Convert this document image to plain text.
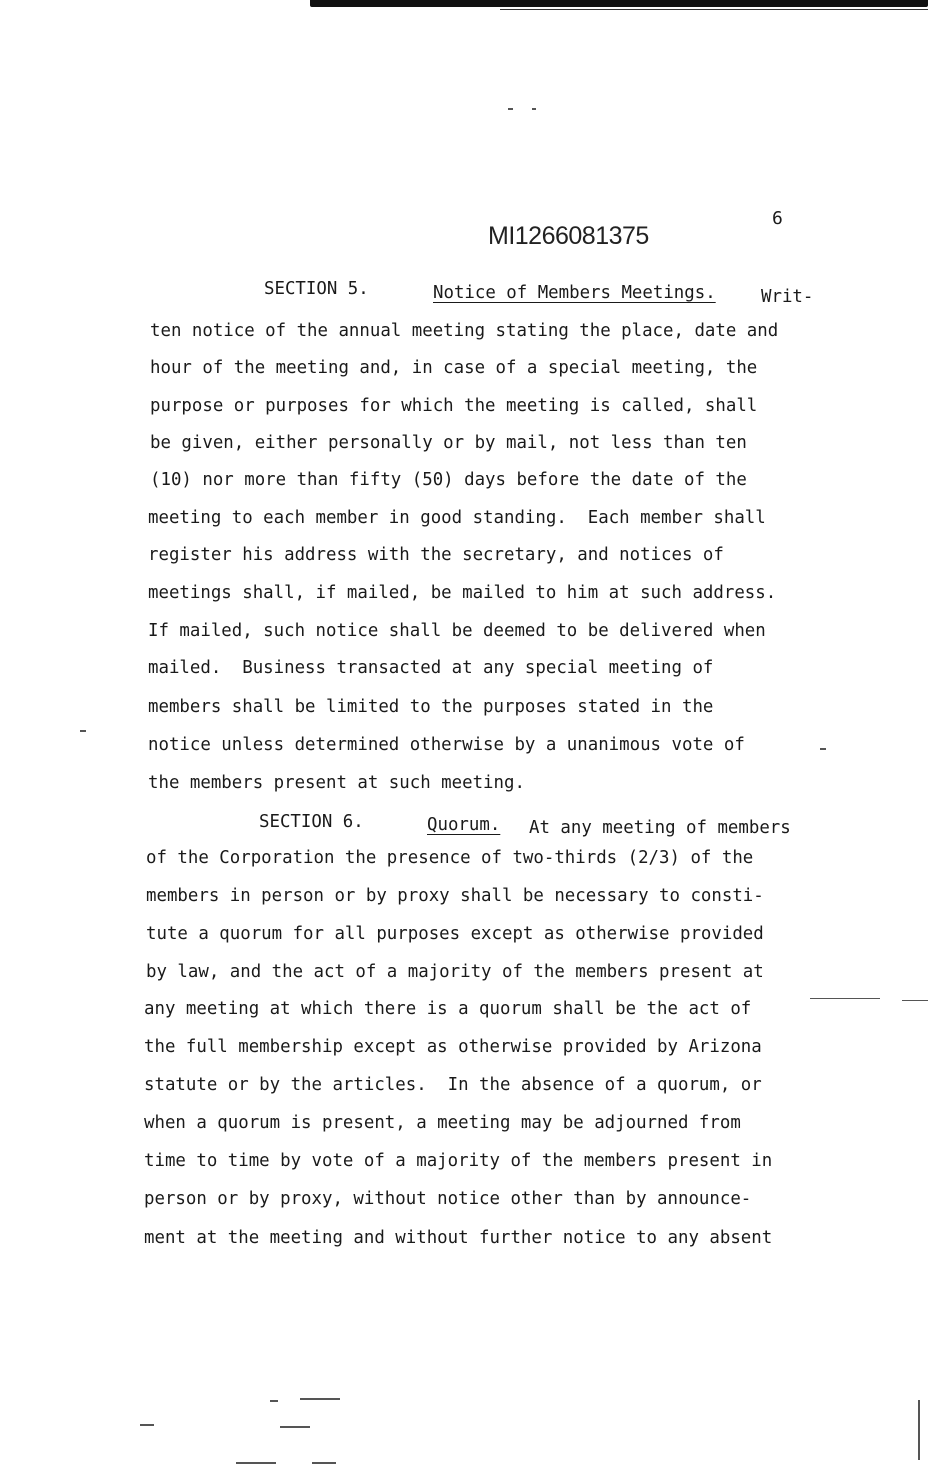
6
MI1266081375
SECTION 5.	Notice of Members Meetings.	Writ-
ten notice of the annual meeting stating the place, date and
hour of the meeting and, in case of a special meeting, the
purpose or purposes for which the meeting is called, shall
be given, either personally or by mail, not less than ten
(10) nor more than fifty (50) days before the date of the
meeting to each member in good standing.  Each member shall
register his address with the secretary, and notices of
meetings shall, if mailed, be mailed to him at such address.
If mailed, such notice shall be deemed to be delivered when
mailed.  Business transacted at any special meeting of
members shall be limited to the purposes stated in the
notice unless determined otherwise by a unanimous vote of
the members present at such meeting.
SECTION 6.	Quorum. At any meeting of members
of the Corporation the presence of two-thirds (2/3) of the
members in person or by proxy shall be necessary to consti-
tute a quorum for all purposes except as otherwise provided
by law, and the act of a majority of the members present at
any meeting at which there is a quorum shall be the act of
the full membership except as otherwise provided by Arizona
statute or by the articles.  In the absence of a quorum, or
when a quorum is present, a meeting may be adjourned from
time to time by vote of a majority of the members present in
person or by proxy, without notice other than by announce-
ment at the meeting and without further notice to any absent
